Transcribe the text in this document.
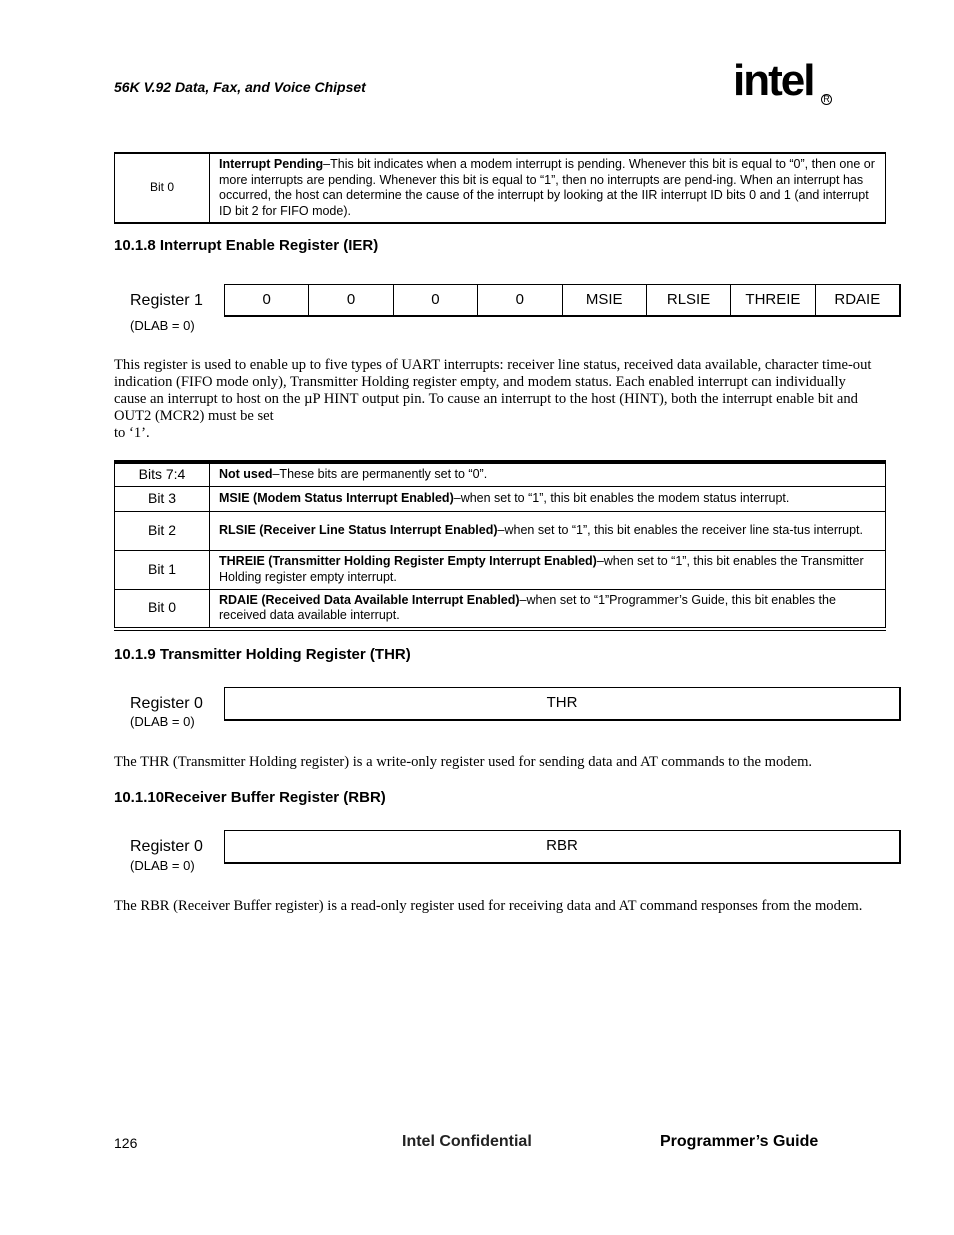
56K V.92 Data, Fax, and Voice Chipset	intel R
Bit 0	Interrupt Pending–This bit indicates when a modem interrupt is pending. Whenever this bit is equal to “0”, then one or more interrupts are pending. Whenever this bit is equal to “1”, then no interrupts are pend-ing. When an interrupt has occurred, the host can determine the cause of the interrupt by looking at the IIR interrupt ID bits 0 and 1 (and interrupt ID bit 2 for FIFO mode).
10.1.8 Interrupt Enable Register (IER)
Register 1
(DLAB = 0)
0	0	0	0	MSIE	RLSIE	THREIE	RDAIE
This register is used to enable up to five types of UART interrupts: receiver line status, received data available, character time-out
indication (FIFO mode only), Transmitter Holding register empty, and modem status. Each enabled interrupt can individually
cause an interrupt to host on the µP HINT output pin. To cause an interrupt to the host (HINT), both the interrupt enable bit and
OUT2 (MCR2) must be set
to ‘1’.
Bits 7:4	Not used–These bits are permanently set to “0”.
Bit 3	MSIE (Modem Status Interrupt Enabled)–when set to “1”, this bit enables the modem status interrupt.
Bit 2	RLSIE (Receiver Line Status Interrupt Enabled)–when set to “1”, this bit enables the receiver line sta-tus interrupt.
Bit 1	THREIE (Transmitter Holding Register Empty Interrupt Enabled)–when set to “1”, this bit enables the Transmitter Holding register empty interrupt.
Bit 0	RDAIE (Received Data Available Interrupt Enabled)–when set to “1”Programmer’s Guide, this bit enables the received data available interrupt.
10.1.9 Transmitter Holding Register (THR)
Register 0
(DLAB = 0)
THR
The THR (Transmitter Holding register) is a write-only register used for sending data and AT commands to the modem.
10.1.10Receiver Buffer Register (RBR)
Register 0
(DLAB = 0)
RBR
The RBR (Receiver Buffer register) is a read-only register used for receiving data and AT command responses from the modem.
126	Intel Confidential	Programmer’s Guide
